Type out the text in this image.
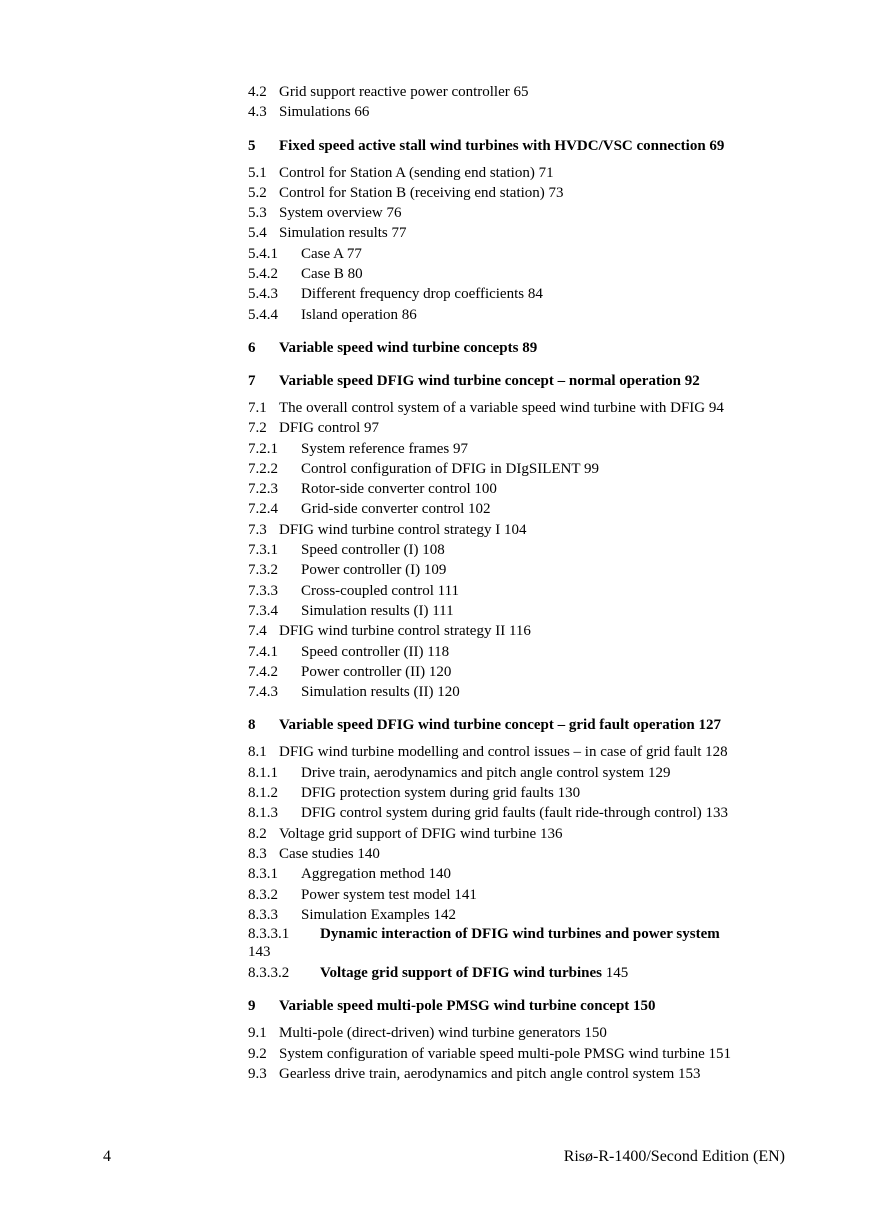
4.2 Grid support reactive power controller 65
4.3 Simulations 66
5 Fixed speed active stall wind turbines with HVDC/VSC connection 69
5.1 Control for Station A (sending end station) 71
5.2 Control for Station B (receiving end station) 73
5.3 System overview 76
5.4 Simulation results 77
5.4.1 Case A 77
5.4.2 Case B 80
5.4.3 Different frequency drop coefficients 84
5.4.4 Island operation 86
6 Variable speed wind turbine concepts 89
7 Variable speed DFIG wind turbine concept – normal operation 92
7.1 The overall control system of a variable speed wind turbine with DFIG 94
7.2 DFIG control 97
7.2.1 System reference frames 97
7.2.2 Control configuration of DFIG in DIgSILENT 99
7.2.3 Rotor-side converter control 100
7.2.4 Grid-side converter control 102
7.3 DFIG wind turbine control strategy I 104
7.3.1 Speed controller (I) 108
7.3.2 Power controller (I) 109
7.3.3 Cross-coupled control 111
7.3.4 Simulation results (I) 111
7.4 DFIG wind turbine control strategy II 116
7.4.1 Speed controller (II) 118
7.4.2 Power controller (II) 120
7.4.3 Simulation results (II) 120
8 Variable speed DFIG wind turbine concept – grid fault operation 127
8.1 DFIG wind turbine modelling and control issues – in case of grid fault 128
8.1.1 Drive train, aerodynamics and pitch angle control system 129
8.1.2 DFIG protection system during grid faults 130
8.1.3 DFIG control system during grid faults (fault ride-through control) 133
8.2 Voltage grid support of DFIG wind turbine 136
8.3 Case studies 140
8.3.1 Aggregation method 140
8.3.2 Power system test model 141
8.3.3 Simulation Examples 142
8.3.3.1 Dynamic interaction of DFIG wind turbines and power system
143
8.3.3.2 Voltage grid support of DFIG wind turbines 145
9 Variable speed multi-pole PMSG wind turbine concept 150
9.1 Multi-pole (direct-driven) wind turbine generators 150
9.2 System configuration of variable speed multi-pole PMSG wind turbine 151
9.3 Gearless drive train, aerodynamics and pitch angle control system 153
4	Risø-R-1400/Second Edition (EN)
